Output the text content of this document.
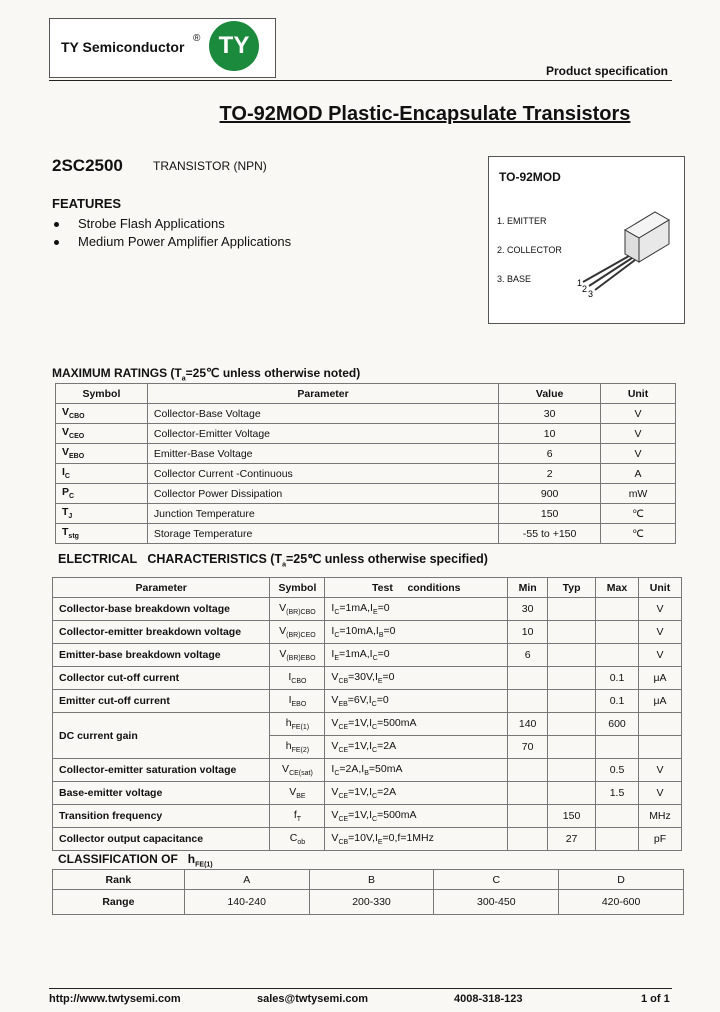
TY Semiconductor
® TY
Product specification
TO-92MOD Plastic-Encapsulate Transistors
2SC2500	TRANSISTOR (NPN)
FEATURES
Strobe Flash Applications
Medium Power Amplifier Applications
TO-92MOD
1. EMITTER
2. COLLECTOR
3. BASE	1
2 3
MAXIMUM RATINGS ($T_a=25℃$ unless otherwise noted)
Symbol	Parameter	Value	Unit
$V_{CBO}$	Collector-Base Voltage	30	V
$V_{CEO}$	Collector-Emitter Voltage	10	V
$V_{EBO}$	Emitter-Base Voltage	6	V
$I_C$	Collector Current -Continuous	2	A
$P_C$	Collector Power Dissipation	900	mW
$T_J$	Junction Temperature	150	℃
$T_{stg}$	Storage Temperature	-55 to +150	℃
ELECTRICAL   CHARACTERISTICS ($T_a=25℃$ unless otherwise specified)
Parameter	Symbol	Test     conditions	Min	Typ	Max	Unit
Collector-base breakdown voltage	$V_{(BR)CBO}$	$I_C=1mA,I_E=0$	30			V
Collector-emitter breakdown voltage	$V_{(BR)CEO}$	$I_C=10mA,I_B=0$	10			V
Emitter-base breakdown voltage	$V_{(BR)EBO}$	$I_E=1mA,I_C=0$	6			V
Collector cut-off current	$I_{CBO}$	$V_{CB}=30V,I_E=0$			0.1	μA
Emitter cut-off current	$I_{EBO}$	$V_{EB}=6V,I_C=0$			0.1	μA
DC current gain	$h_{FE(1)}$	$V_{CE}=1V,I_C=500mA$	140		600	
	$h_{FE(2)}$	$V_{CE}=1V,I_C=2A$	70			
Collector-emitter saturation voltage	$V_{CE(sat)}$	$I_C=2A,I_B=50mA$			0.5	V
Base-emitter voltage	$V_{BE}$	$V_{CE}=1V,I_C=2A$			1.5	V
Transition frequency	$f_T$	$V_{CE}=1V,I_C=500mA$		150		MHz
Collector output capacitance	$C_{ob}$	$V_{CB}=10V,I_E=0,f=1MHz$		27		pF
CLASSIFICATION OF $h_{FE(1)}$
Rank	A	B	C	D
Range	140-240	200-330	300-450	420-600
http://www.twtysemi.com	sales@twtysemi.com	4008-318-123	1 of 1
